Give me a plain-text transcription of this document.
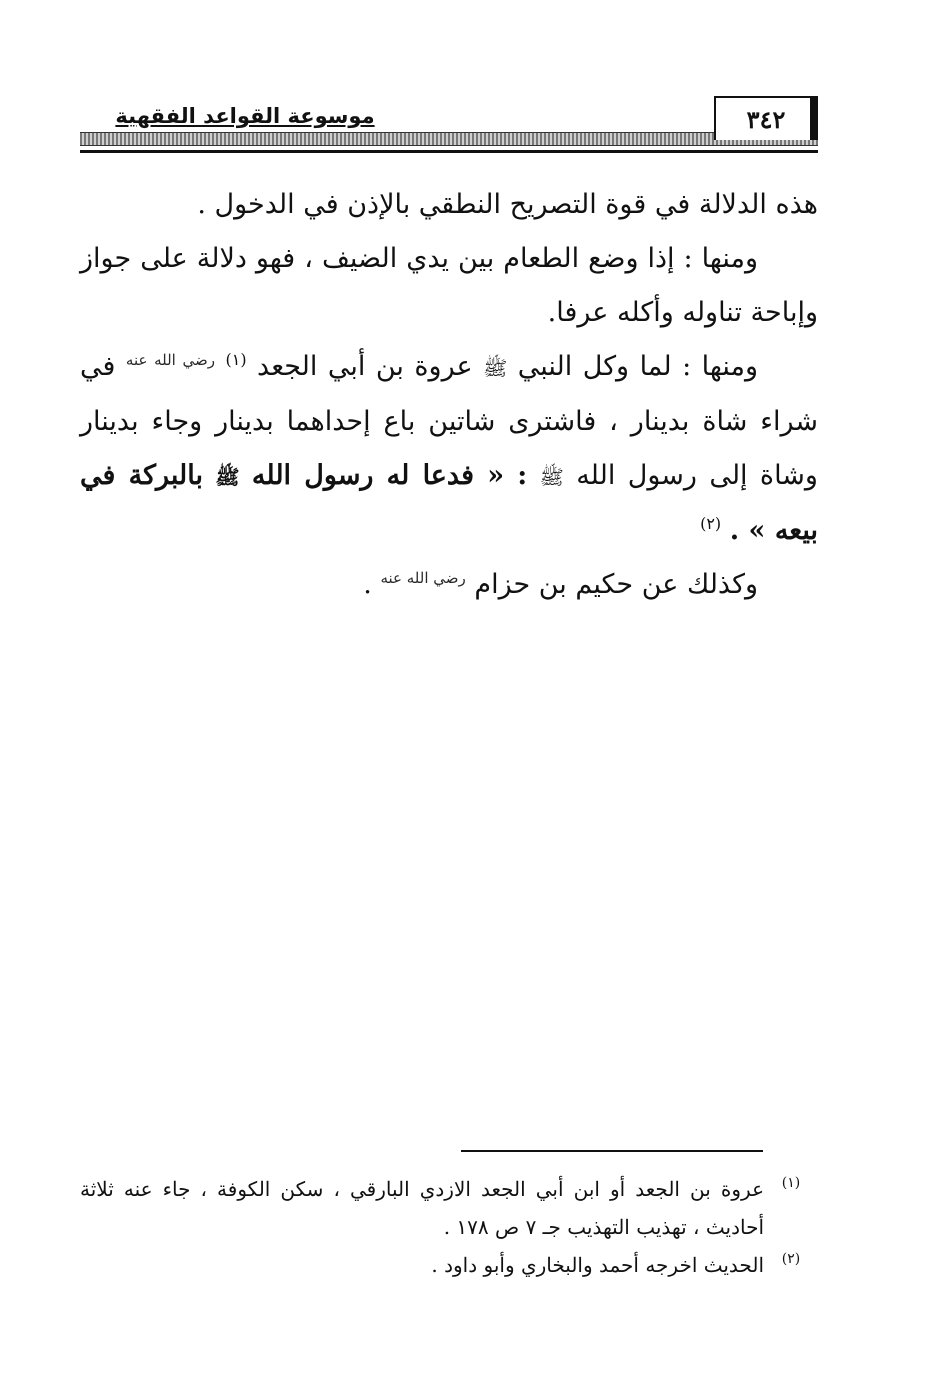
٣٤٢
موسوعة القواعد الفقهية

هذه الدلالة في قوة التصريح النطقي بالإذن في الدخول .

ومنها : إذا وضع الطعام بين يدي الضيف ، فهو دلالة على جواز وإباحة تناوله وأكله عرفا.

ومنها : لما وكل النبي ﷺ عروة بن أبي الجعد $^{(١)}$ $^{رضي الله عنه}$ في شراء شاة بدينار ، فاشترى شاتين باع إحداهما بدينار وجاء بدينار وشاة إلى رسول الله ﷺ : « فدعا له رسول الله ﷺ بالبركة في بيعه » . $^{(٢)}$

وكذلك عن حكيم بن حزام $^{رضي الله عنه}$ .

(١)
عروة بن الجعد أو ابن أبي الجعد الازدي البارقي ، سكن الكوفة ، جاء عنه ثلاثة أحاديث ، تهذيب التهذيب جـ ٧ ص ١٧٨ .
(٢)
الحديث اخرجه أحمد والبخاري وأبو داود .
